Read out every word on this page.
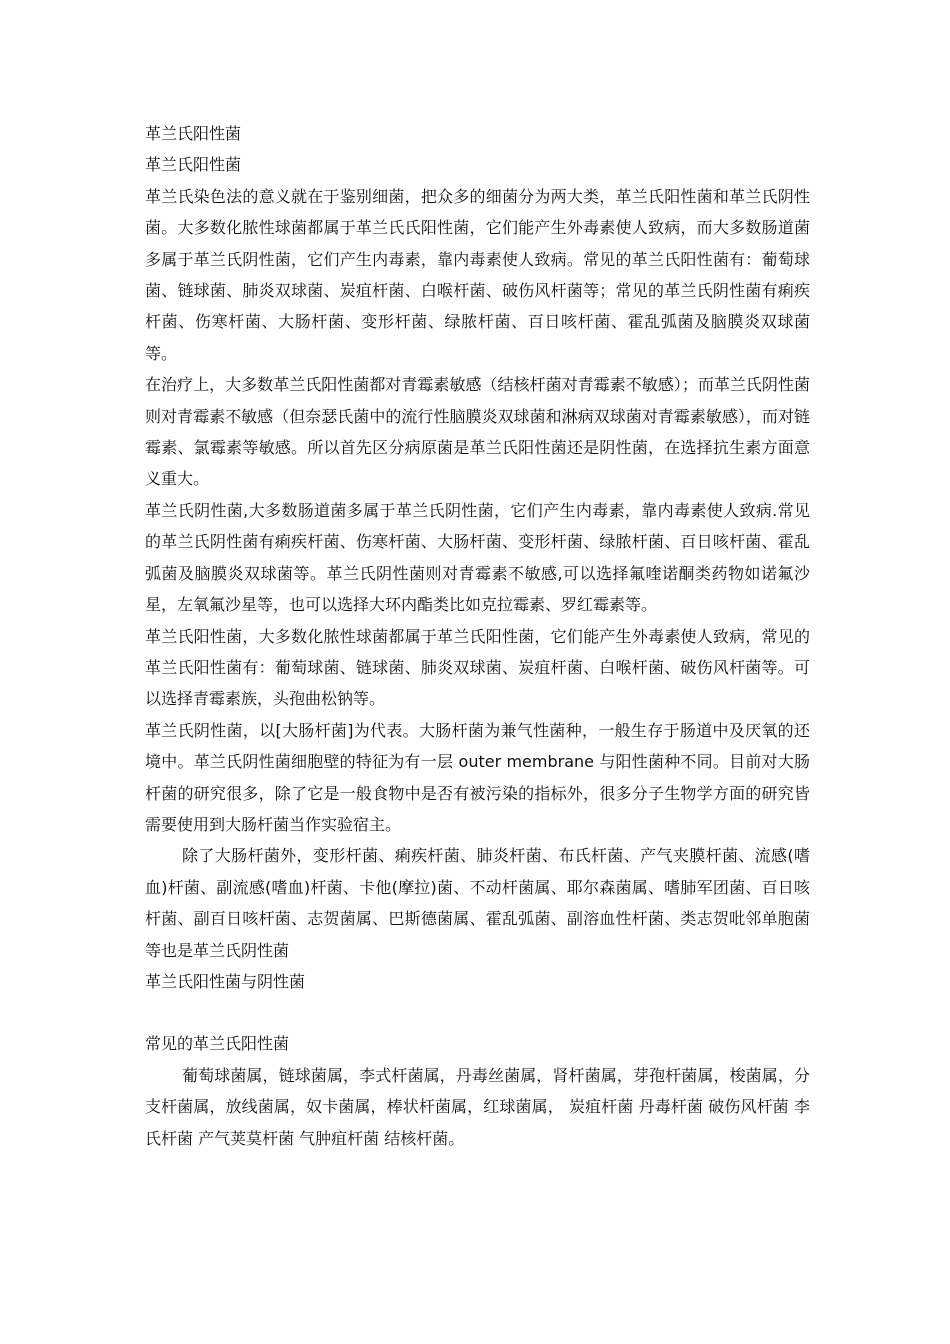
革兰氏阳性菌

革兰氏阳性菌

革兰氏染色法的意义就在于鉴别细菌，把众多的细菌分为两大类，革兰氏阳性菌和革兰氏阴性菌。大多数化脓性球菌都属于革兰氏氏阳性菌，它们能产生外毒素使人致病，而大多数肠道菌多属于革兰氏阴性菌，它们产生内毒素，靠内毒素使人致病。常见的革兰氏阳性菌有：葡萄球菌、链球菌、肺炎双球菌、炭疽杆菌、白喉杆菌、破伤风杆菌等；常见的革兰氏阴性菌有痢疾杆菌、伤寒杆菌、大肠杆菌、变形杆菌、绿脓杆菌、百日咳杆菌、霍乱弧菌及脑膜炎双球菌等。

在治疗上，大多数革兰氏阳性菌都对青霉素敏感（结核杆菌对青霉素不敏感）；而革兰氏阴性菌则对青霉素不敏感（但奈瑟氏菌中的流行性脑膜炎双球菌和淋病双球菌对青霉素敏感），而对链霉素、氯霉素等敏感。所以首先区分病原菌是革兰氏阳性菌还是阴性菌，在选择抗生素方面意义重大。

革兰氏阴性菌,大多数肠道菌多属于革兰氏阴性菌，它们产生内毒素，靠内毒素使人致病.常见的革兰氏阴性菌有痢疾杆菌、伤寒杆菌、大肠杆菌、变形杆菌、绿脓杆菌、百日咳杆菌、霍乱弧菌及脑膜炎双球菌等。革兰氏阴性菌则对青霉素不敏感,可以选择氟喹诺酮类药物如诺氟沙星，左氧氟沙星等，也可以选择大环内酯类比如克拉霉素、罗红霉素等。

革兰氏阳性菌，大多数化脓性球菌都属于革兰氏阳性菌，它们能产生外毒素使人致病，常见的革兰氏阳性菌有：葡萄球菌、链球菌、肺炎双球菌、炭疽杆菌、白喉杆菌、破伤风杆菌等。可以选择青霉素族，头孢曲松钠等。

革兰氏阴性菌，以[大肠杆菌]为代表。大肠杆菌为兼气性菌种，一般生存于肠道中及厌氧的还境中。革兰氏阴性菌细胞壁的特征为有一层 outer membrane 与阳性菌种不同。目前对大肠杆菌的研究很多，除了它是一般食物中是否有被污染的指标外，很多分子生物学方面的研究皆需要使用到大肠杆菌当作实验宿主。

除了大肠杆菌外，变形杆菌、痢疾杆菌、肺炎杆菌、布氏杆菌、产气夹膜杆菌、流感(嗜血)杆菌、副流感(嗜血)杆菌、卡他(摩拉)菌、不动杆菌属、耶尔森菌属、嗜肺军团菌、百日咳杆菌、副百日咳杆菌、志贺菌属、巴斯德菌属、霍乱弧菌、副溶血性杆菌、类志贺吡邻单胞菌等也是革兰氏阴性菌

革兰氏阳性菌与阴性菌

常见的革兰氏阳性菌

葡萄球菌属，链球菌属，李式杆菌属，丹毒丝菌属，肾杆菌属，芽孢杆菌属，梭菌属，分支杆菌属，放线菌属，奴卡菌属，棒状杆菌属，红球菌属， 炭疽杆菌 丹毒杆菌 破伤风杆菌 李氏杆菌 产气荚莫杆菌 气肿疽杆菌 结核杆菌。
